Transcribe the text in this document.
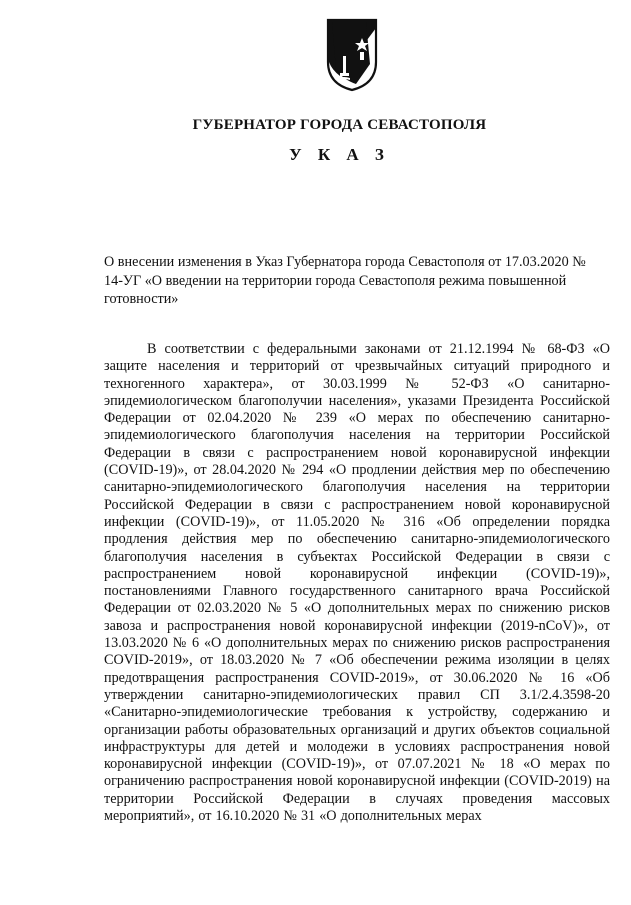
ГУБЕРНАТОР ГОРОДА СЕВАСТОПОЛЯ
У К А З

О внесении изменения в Указ Губернатора города Севастополя от 17.03.2020 № 14-УГ «О введении на территории города Севастополя режима повышенной готовности»

В соответствии с федеральными законами от 21.12.1994 № 68-ФЗ «О защите населения и территорий от чрезвычайных ситуаций природного и техногенного характера», от 30.03.1999 № 52-ФЗ «О санитарно-эпидемиологическом благополучии населения», указами Президента Российской Федерации от 02.04.2020 № 239 «О мерах по обеспечению санитарно-эпидемиологического благополучия населения на территории Российской Федерации в связи с распространением новой коронавирусной инфекции (COVID-19)», от 28.04.2020 № 294 «О продлении действия мер по обеспечению санитарно-эпидемиологического благополучия населения на территории Российской Федерации в связи с распространением новой коронавирусной инфекции (COVID-19)», от 11.05.2020 № 316 «Об определении порядка продления действия мер по обеспечению санитарно-эпидемиологического благополучия населения в субъектах Российской Федерации в связи с распространением новой коронавирусной инфекции (COVID-19)», постановлениями Главного государственного санитарного врача Российской Федерации от 02.03.2020 № 5 «О дополнительных мерах по снижению рисков завоза и распространения новой коронавирусной инфекции (2019-nCoV)», от 13.03.2020 № 6 «О дополнительных мерах по снижению рисков распространения COVID-2019», от 18.03.2020 № 7 «Об обеспечении режима изоляции в целях предотвращения распространения COVID-2019», от 30.06.2020 № 16 «Об утверждении санитарно-эпидемиологических правил СП 3.1/2.4.3598-20 «Санитарно-эпидемиологические требования к устройству, содержанию и организации работы образовательных организаций и других объектов социальной инфраструктуры для детей и молодежи в условиях распространения новой коронавирусной инфекции (COVID-19)», от 07.07.2021 № 18 «О мерах по ограничению распространения новой коронавирусной инфекции (COVID-2019) на территории Российской Федерации в случаях проведения массовых мероприятий», от 16.10.2020 № 31 «О дополнительных мерах
